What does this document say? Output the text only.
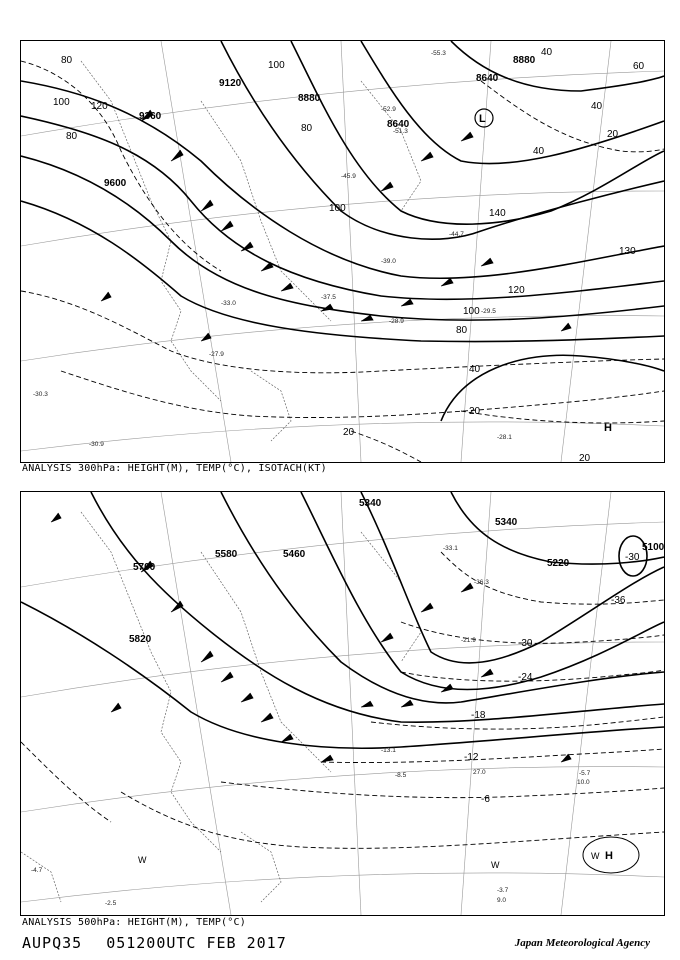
9600
9360
9120
8880
8640
8880
8640
80
100 120
100
80
80
100
40
40
60
20
140
130
120
100
80
40
20
20
20
40
-55.3
-52.9
-51.3
-45.9
-44.7
-39.0
-37.5
-33.0
-29.5
-28.9
-27.9
-30.3
-28.1
-30.9
L
H
ANALYSIS 300hPa: HEIGHT(M), TEMP(°C), ISOTACH(KT)
5820
5700
5580	5460
5340
5340
5220
5100
-30
-36
-30
-24
-18
-12
-6
-33.1
-36.3
-21.9
-13.1
-8.5	-5.7
-4.7
-2.5
-3.7
9.0
27.0
10.0
W	W
W H
ANALYSIS 500hPa: HEIGHT(M), TEMP(°C)
AUPQ35 051200UTC FEB 2017	Japan Meteorological Agency
